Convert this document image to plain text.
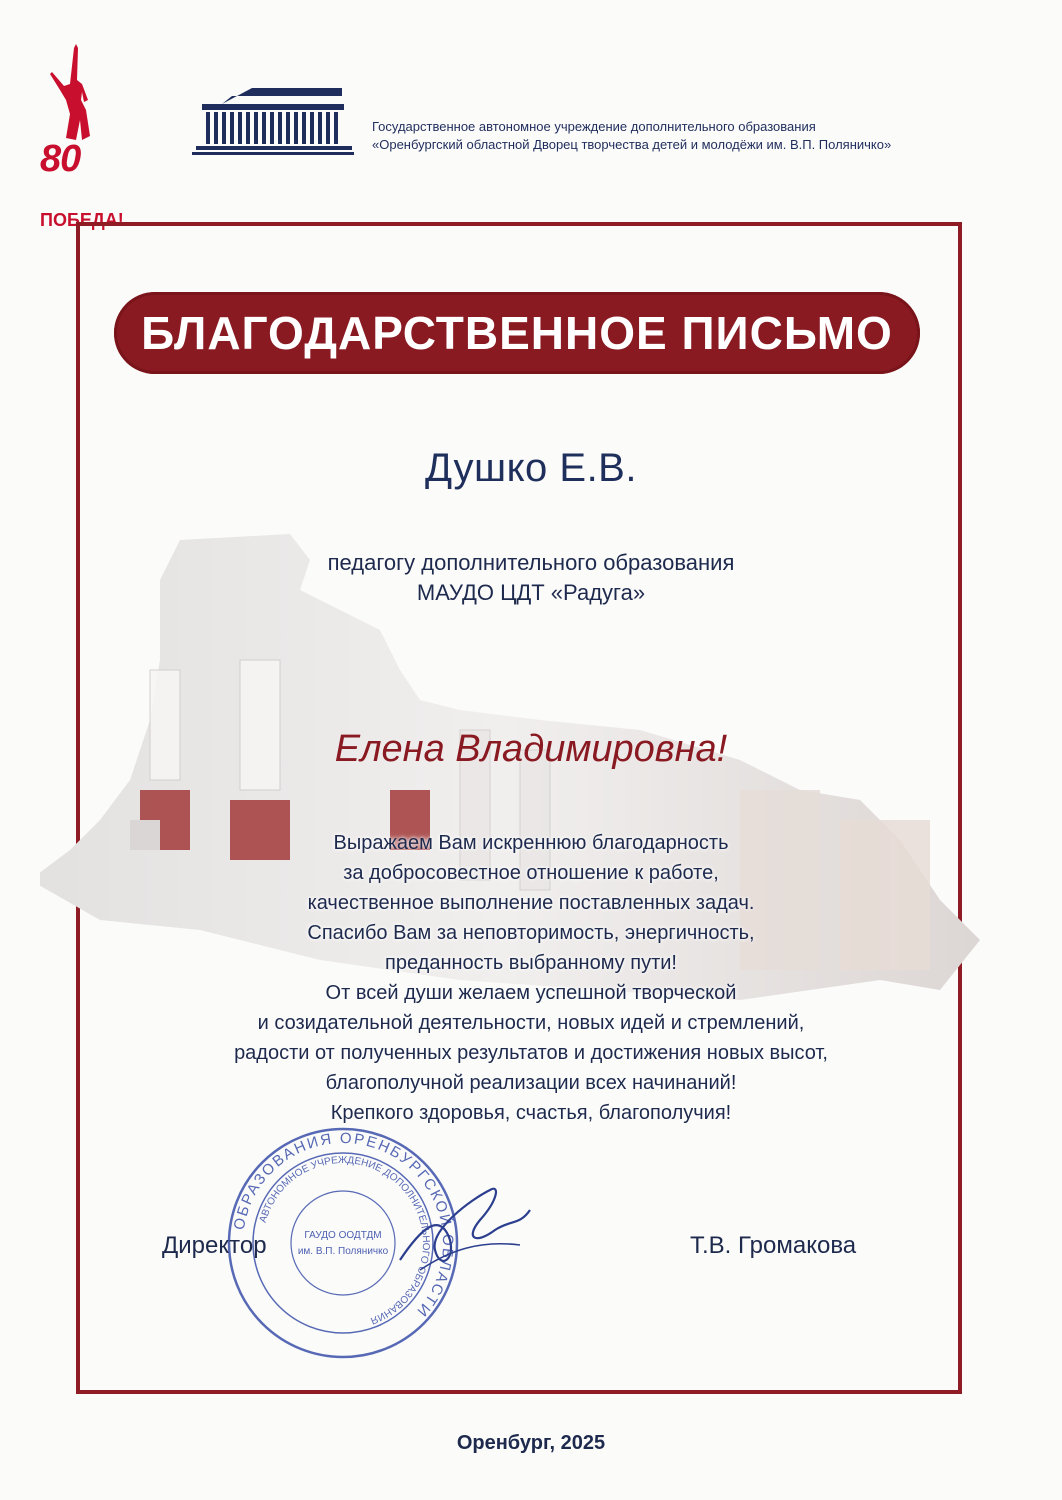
80
ПОБЕДА!
Государственное автономное учреждение дополнительного образования
«Оренбургский областной Дворец творчества детей и молодёжи им. В.П. Поляничко»
БЛАГОДАРСТВЕННОЕ ПИСЬМО
Душко Е.В.
педагогу дополнительного образования
МАУДО ЦДТ «Радуга»
Елена Владимировна!
Выражаем Вам искреннюю благодарность
за добросовестное отношение к работе,
качественное выполнение поставленных задач.
Спасибо Вам за неповторимость, энергичность,
преданность выбранному пути!
От всей души желаем успешной творческой
и созидательной деятельности, новых идей и стремлений,
радости от полученных результатов и достижения новых высот,
благополучной реализации всех начинаний!
Крепкого здоровья, счастья, благополучия!
ОБРАЗОВАНИЯ ОРЕНБУРГСКОЙ ОБЛАСТИ
АВТОНОМНОЕ УЧРЕЖДЕНИЕ ДОПОЛНИТЕЛЬНОГО ОБРАЗОВАНИЯ
ГАУДО ООДТДМ
им. В.П. Поляничко
Директор	Т.В. Громакова
Оренбург, 2025
